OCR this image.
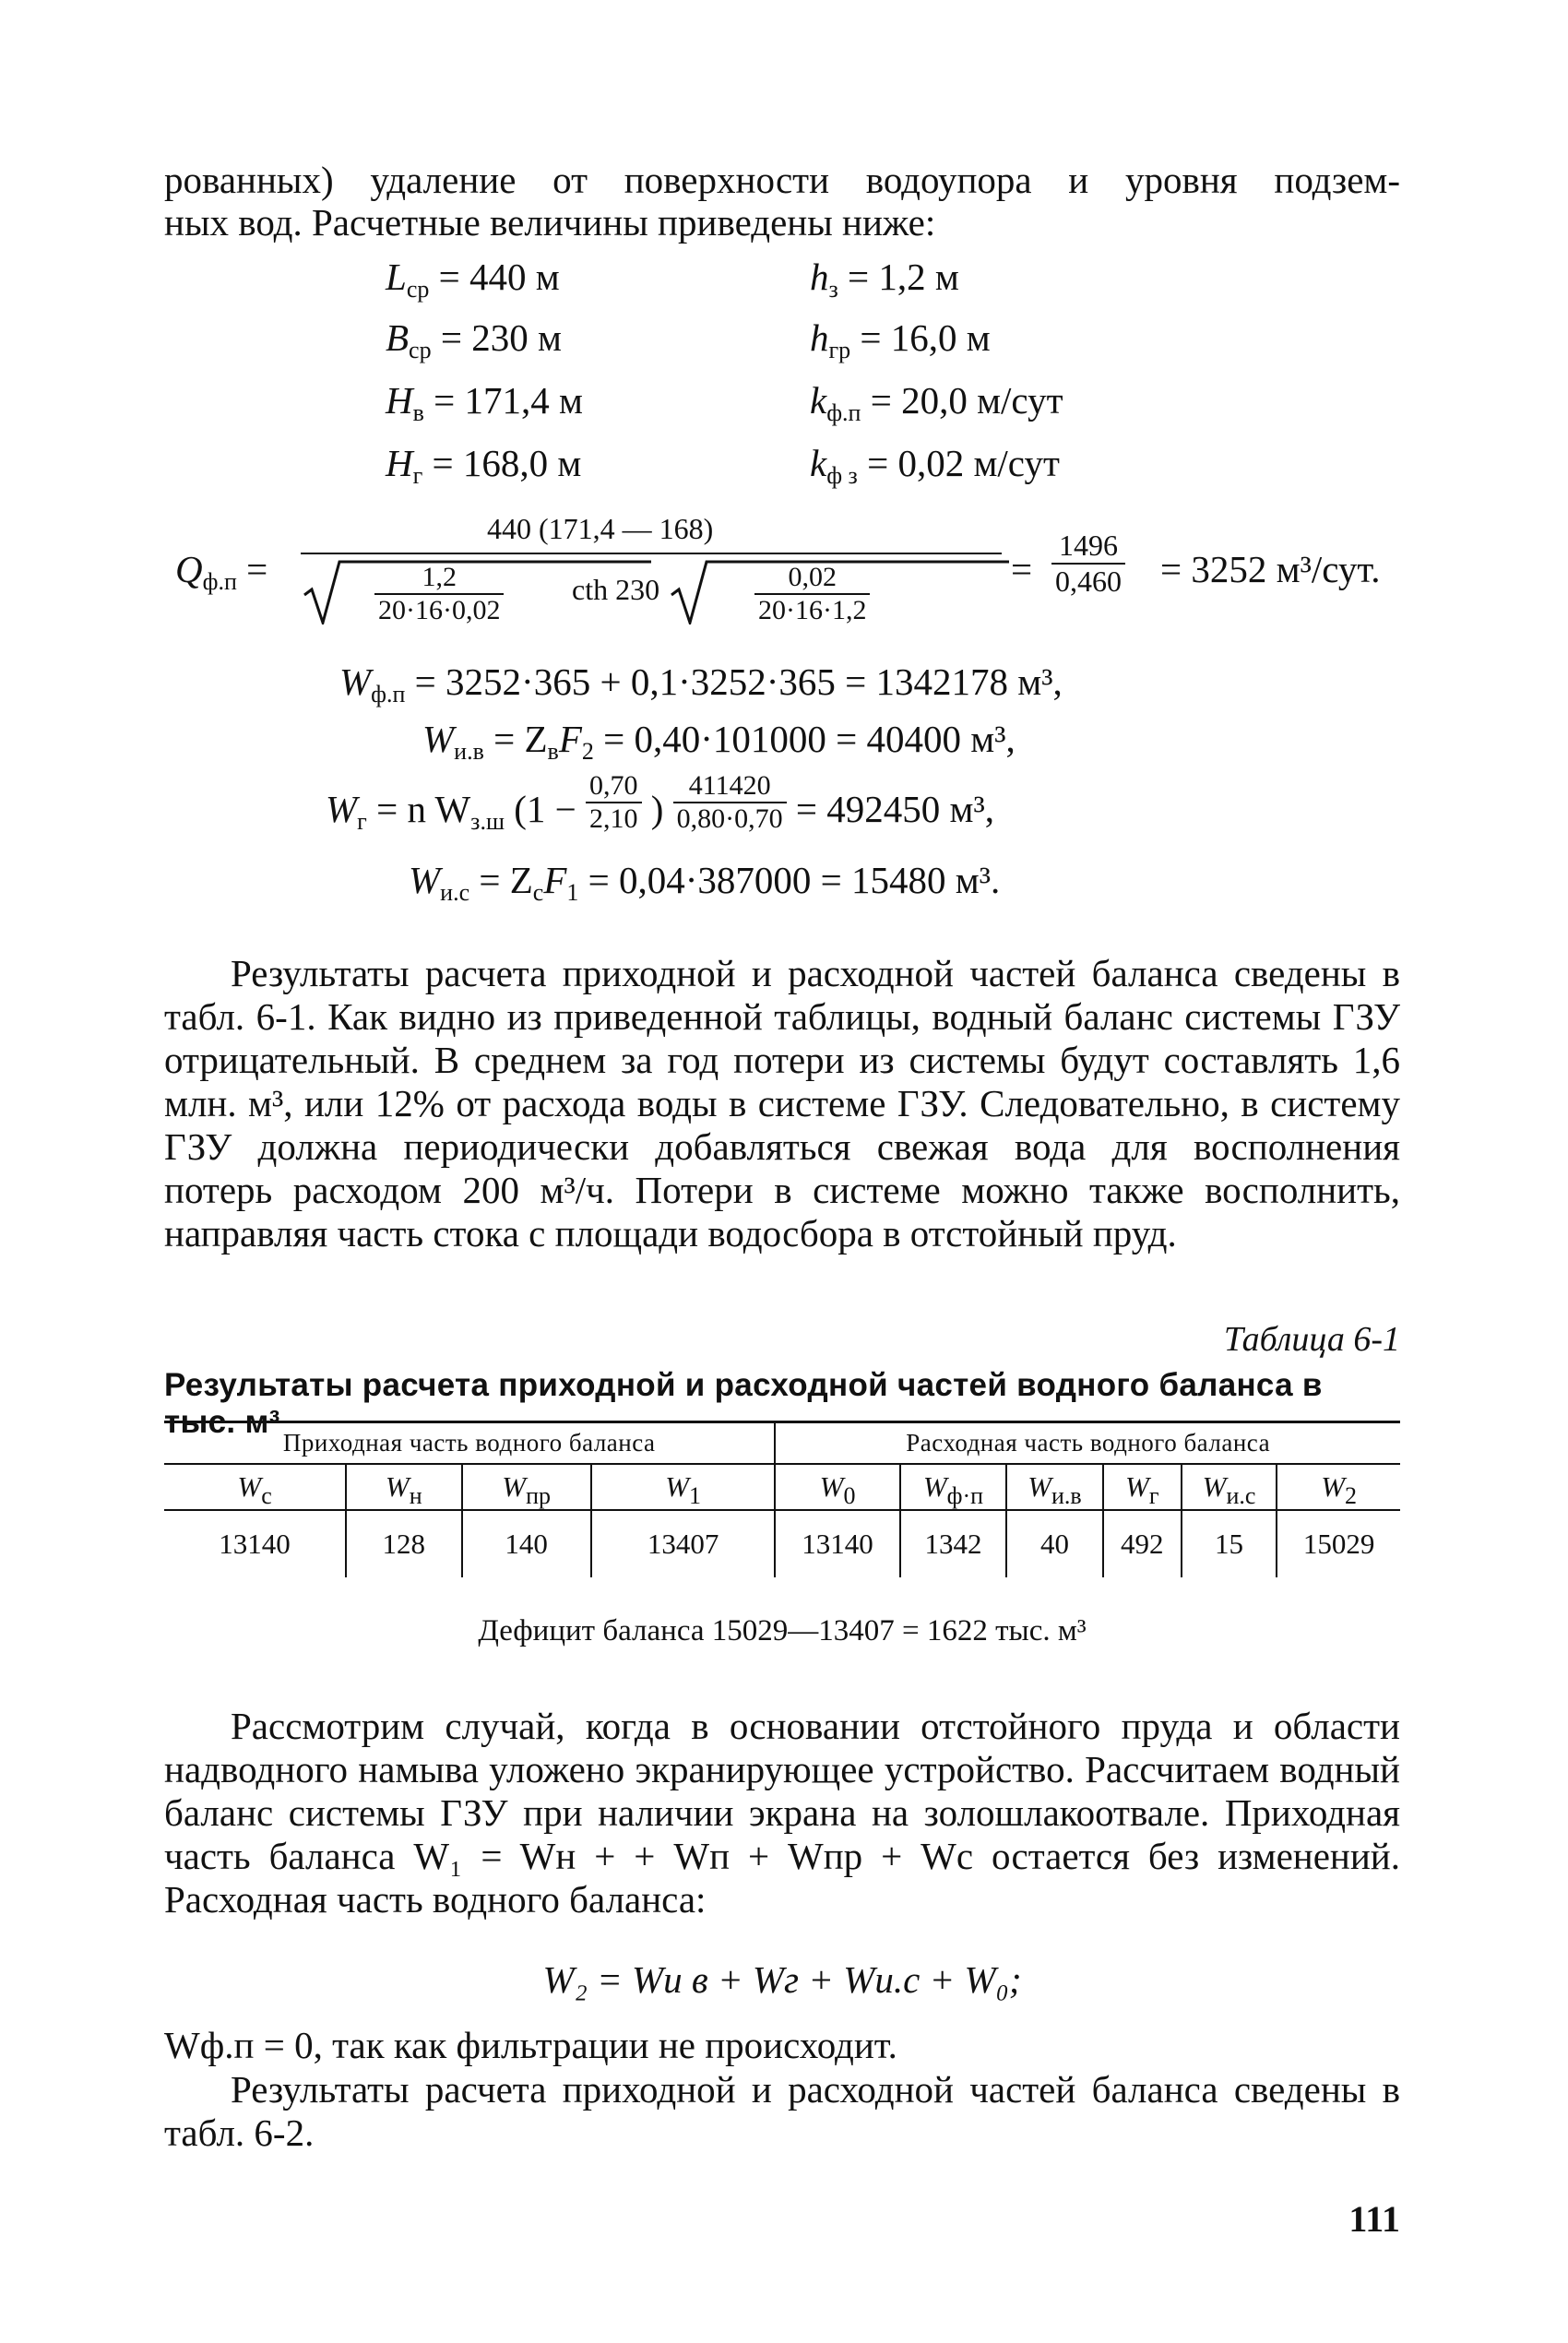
рованных) удаление от поверхности водоупора и уровня подзем-

ных вод. Расчетные величины приведены ниже:

$L_{ср} = 440$ м	$h_з = 1,2$ м
$B_{ср} = 230$ м	$h_{гр} = 16,0$ м
$H_в = 171,4$ м	$k_{ф.п} = 20,0$ м/сут
$H_г = 168,0$ м	$k_{ф з} = 0,02$ м/сут
$Q_{ф.п}$ =
440 (171,4 — 168)
$\frac{1,2}{20\cdot 16\cdot 0,02}$ cth 230	$\frac{0,02}{20\cdot 16\cdot 1,2}$	= $\frac{1496}{0,460} = 3252$ м³/сут.
$W_{ф.п} = 3252\cdot 365 + 0,1\cdot 3252\cdot 365 = 1342178$ м³,
$W_{и.в} = Z_вF_2 = 0,40\cdot 101000 = 40400$ м³,
$W_г = n$ $W_{з.ш}$ ($1 - \frac{0,70}{2,10}$ ) $\frac{411420}{0,80\cdot 0,70} = 492450$ м³,
$W_{и.с} = Z_сF_1 = 0,04\cdot 387000 = 15480$ м³.

Результаты расчета приходной и расходной частей баланса сведены в табл. 6-1. Как видно из приведенной таблицы, водный баланс системы ГЗУ отрицательный. В среднем за год потери из системы будут составлять 1,6 млн. м³, или 12% от расхода воды в системе ГЗУ. Следовательно, в систему ГЗУ должна периодически добавляться свежая вода для восполнения потерь расходом 200 м³/ч. Потери в системе можно также восполнить, направляя часть стока с площади водосбора в отстойный пруд.

Таблица 6-1
Результаты расчета приходной и расходной частей водного баланса в тыс. м³
Приходная часть водного баланса				Расходная часть водного баланса					
$W_с$	$W_н$	$W_{пр}$	$W_1$	$W_0$	$W_{ф\cdot п}$	$W_{и.в}$	$W_г$	$W_{и.с}$	$W_2$
13140	128	140	13407	13140	1342	40	492	15	15029
Дефицит баланса 15029—13407 = 1622 тыс. м³

Рассмотрим случай, когда в основании отстойного пруда и области надводного намыва уложено экранирующее устройство. Рассчитаем водный баланс системы ГЗУ при наличии экрана на золошлакоотвале. Приходная часть баланса W₁ = Wн + + Wп + Wпр + Wс остается без изменений. Расходная часть водного баланса:

W₂ = Wи в + Wг + Wи.с + W₀;

Wф.п = 0, так как фильтрации не происходит.

Результаты расчета приходной и расходной частей баланса сведены в табл. 6-2.

111
